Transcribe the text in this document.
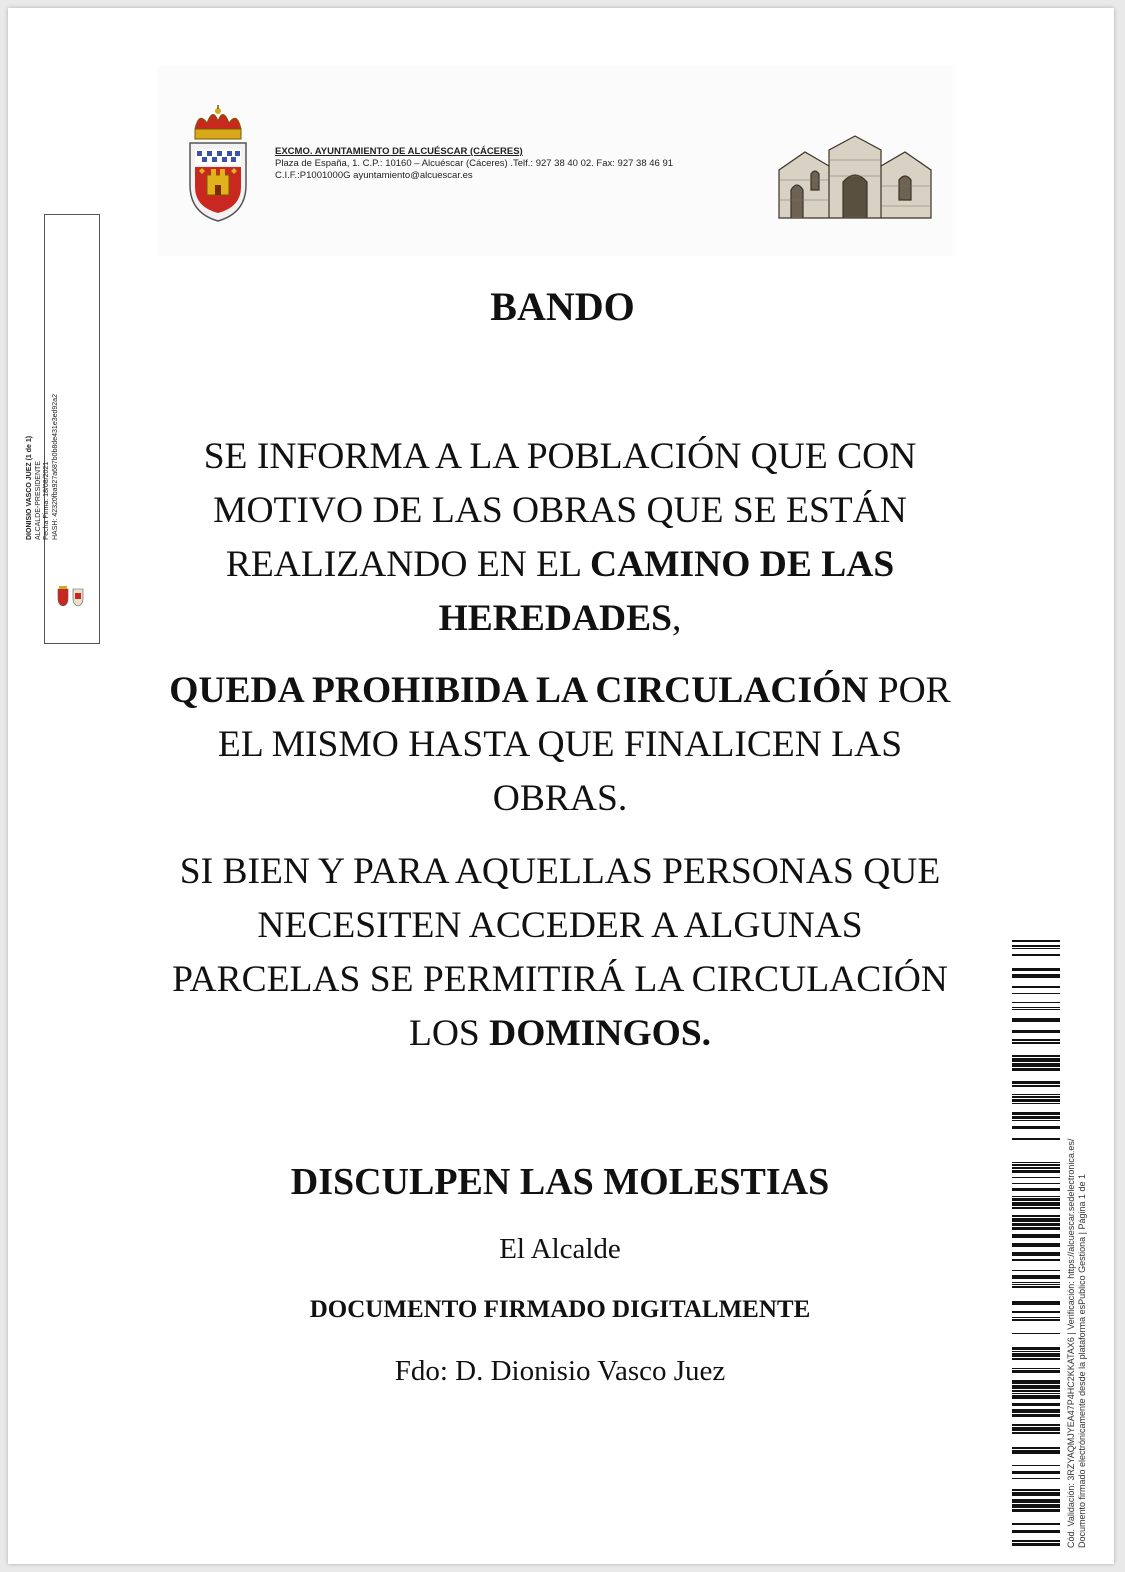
EXCMO. AYUNTAMIENTO DE ALCUÉSCAR (CÁCERES)
Plaza de España, 1. C.P.: 10160 – Alcuéscar (Cáceres) .Telf.: 927 38 40 02. Fax: 927 38 46 91
C.I.F.:P1001000G ayuntamiento@alcuescar.es
DIONISIO VASCO JUEZ (1 de 1) ALCALDE-PRESIDENTE Fecha Firma: 18/08/2021 HASH: 42320fba927a687b0b8de431e3ed92a2
BANDO

SE INFORMA A LA POBLACIÓN QUE CON MOTIVO DE LAS OBRAS QUE SE ESTÁN REALIZANDO EN EL CAMINO DE LAS HEREDADES,

QUEDA PROHIBIDA LA CIRCULACIÓN POR EL MISMO HASTA QUE FINALICEN LAS OBRAS.

SI BIEN Y PARA AQUELLAS PERSONAS QUE NECESITEN ACCEDER A ALGUNAS PARCELAS SE PERMITIRÁ LA CIRCULACIÓN LOS DOMINGOS.

DISCULPEN LAS MOLESTIAS
El Alcalde
DOCUMENTO FIRMADO DIGITALMENTE
Fdo: D. Dionisio Vasco Juez	Cód. Validación: 3RZYAQMJYEA47P4HC2KKATAX6 | Verificación: https://alcuescar.sedelectronica.es/ Documento firmado electrónicamente desde la plataforma esPublico Gestiona | Página 1 de 1
